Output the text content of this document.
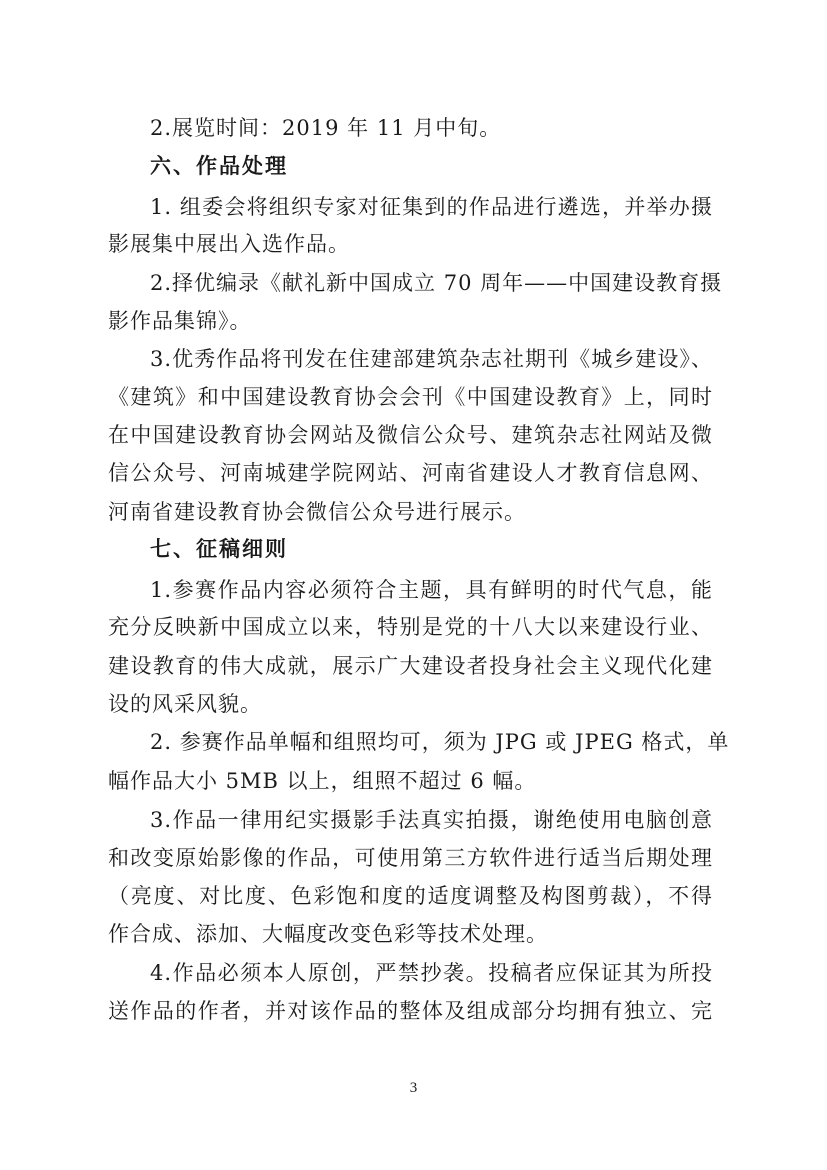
2.展览时间：2019 年 11 月中旬。
六、作品处理
1. 组委会将组织专家对征集到的作品进行遴选，并举办摄
影展集中展出入选作品。
2.择优编录《献礼新中国成立 70 周年——中国建设教育摄
影作品集锦》。
3.优秀作品将刊发在住建部建筑杂志社期刊《城乡建设》、
《建筑》和中国建设教育协会会刊《中国建设教育》上，同时
在中国建设教育协会网站及微信公众号、建筑杂志社网站及微
信公众号、河南城建学院网站、河南省建设人才教育信息网、
河南省建设教育协会微信公众号进行展示。
七、征稿细则
1.参赛作品内容必须符合主题，具有鲜明的时代气息，能
充分反映新中国成立以来，特别是党的十八大以来建设行业、
建设教育的伟大成就，展示广大建设者投身社会主义现代化建
设的风采风貌。
2. 参赛作品单幅和组照均可，须为 JPG 或 JPEG 格式，单
幅作品大小 5MB 以上，组照不超过 6 幅。
3.作品一律用纪实摄影手法真实拍摄，谢绝使用电脑创意
和改变原始影像的作品，可使用第三方软件进行适当后期处理
（亮度、对比度、色彩饱和度的适度调整及构图剪裁），不得
作合成、添加、大幅度改变色彩等技术处理。
4.作品必须本人原创，严禁抄袭。投稿者应保证其为所投
送作品的作者，并对该作品的整体及组成部分均拥有独立、完
3
